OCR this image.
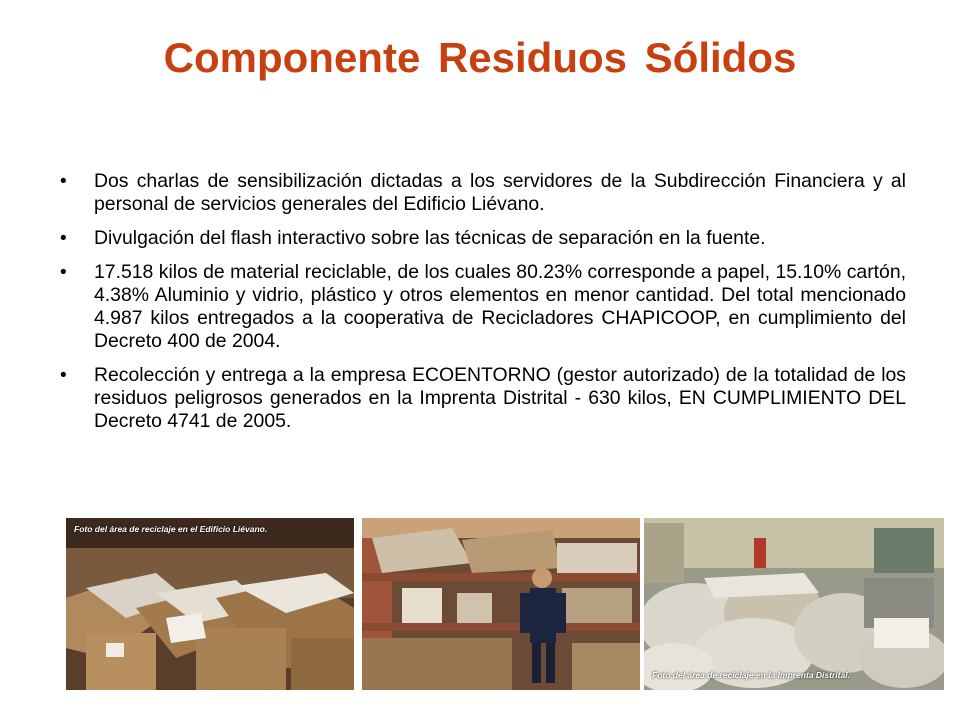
Componente Residuos Sólidos
• Dos charlas de sensibilización dictadas a los servidores de la Subdirección Financiera y al personal de servicios generales del Edificio Liévano.
• Divulgación del flash interactivo sobre las técnicas de separación en la fuente.
• 17.518 kilos de material reciclable, de los cuales 80.23% corresponde a papel, 15.10% cartón, 4.38% Aluminio y vidrio, plástico y otros elementos en menor cantidad. Del total mencionado 4.987 kilos entregados a la cooperativa de Recicladores CHAPICOOP, en cumplimiento del Decreto 400 de 2004.
• Recolección y entrega a la empresa ECOENTORNO (gestor autorizado) de la totalidad de los residuos peligrosos generados en la Imprenta Distrital - 630 kilos, EN CUMPLIMIENTO DEL Decreto 4741 de 2005.
Foto del área de reciclaje en el Edificio Liévano.
Foto del área de reciclaje en la Imprenta Distrital.
